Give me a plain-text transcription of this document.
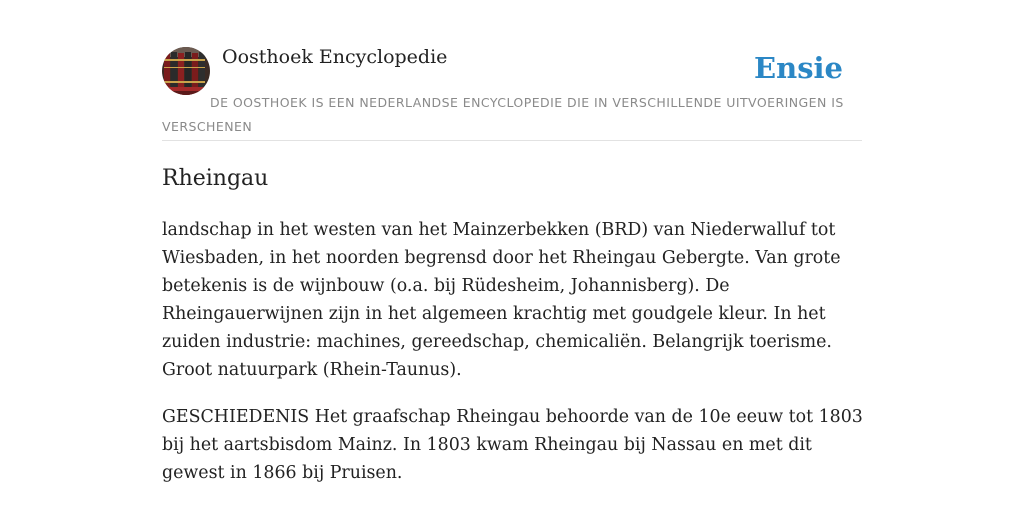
Oosthoek Encyclopedie	Ensie
DE OOSTHOEK IS EEN NEDERLANDSE ENCYCLOPEDIE DIE IN VERSCHILLENDE UITVOERINGEN IS VERSCHENEN
Rheingau

landschap in het westen van het Mainzerbekken (BRD) van Niederwalluf tot Wiesbaden, in het noorden begrensd door het Rheingau Gebergte. Van grote betekenis is de wijnbouw (o.a. bij Rüdesheim, Johannisberg). De Rheingauerwijnen zijn in het algemeen krachtig met goudgele kleur. In het zuiden industrie: machines, gereedschap, chemicaliën. Belangrijk toerisme. Groot natuurpark (Rhein-Taunus).

GESCHIEDENIS Het graafschap Rheingau behoorde van de 10e eeuw tot 1803 bij het aartsbisdom Mainz. In 1803 kwam Rheingau bij Nassau en met dit gewest in 1866 bij Pruisen.
